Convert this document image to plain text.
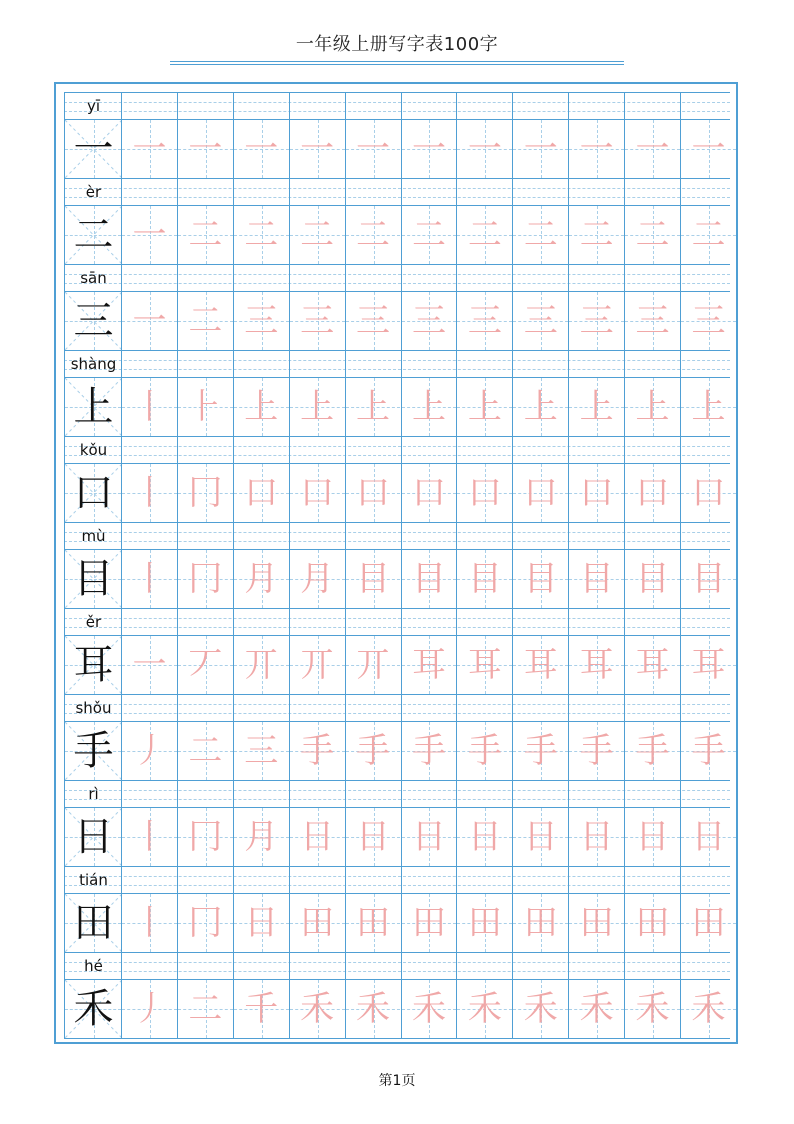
一年级上册写字表100字
yī
一 一 一 一 一 一 一 一 一 一 一 一
èr
二 一 二 二 二 二 二 二 二 二 二 二
sān
三 一 二 三 三 三 三 三 三 三 三 三
shàng
上 丨 ⺊ 上 上 上 上 上 上 上 上 上
kǒu
口 丨 冂 口 口 口 口 口 口 口 口 口
mù
目 丨 冂 月 月 目 目 目 目 目 目 目
ěr
耳 一 丆 丌 丌 丌 耳 耳 耳 耳 耳 耳
shǒu
手 丿 二 三 手 手 手 手 手 手 手 手
rì
日 丨 冂 月 日 日 日 日 日 日 日 日
tián
田 丨 冂 日 田 田 田 田 田 田 田 田
hé
禾 丿 二 千 禾 禾 禾 禾 禾 禾 禾 禾
第1页
